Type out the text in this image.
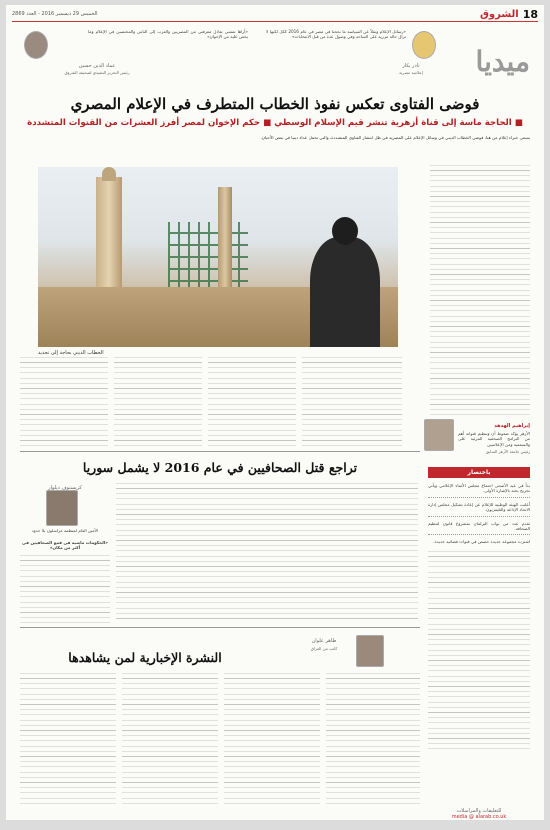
الخميس 29 ديسمبر 2016 - العدد 2869	الشروق 18
«رسائل الإعلام ونقلاً عن السياسة ما نجحنا في مصر في عام 2016 ككل لكنها لا تزال حالة مزرية على الساحة وفي وصول عدة من قبل الانتخابات»
نادر بكار
إعلامية مصرية
«أراها تمشي تعادل معرفتي من المصريين والعرب إلى الناس والمختصين في الإعلام وما يخص عليه من الإخوان»
عماد الدين حسين
رئيس التحرير التنفيذي لصحيفة الشروق	ميديا
فوضى الفتاوى تعكس نفوذ الخطاب المتطرف في الإعلام المصري
■ الحاجة ماسة إلى قناة أزهرية تنشر قيم الإسلام الوسطي ■ حكم الإخوان لمصر أفرز العشرات من القنوات المتشددة
يسعى خبراء إعلام من هنا، فوضى الخطاب الديني في وسائل الإعلام على المصرية في ظل انتشار الفتاوى المتشددة، والتي تحمل عداء دينيا في بعض الأحيان.
الخطاب الديني بحاجة إلى تجديد
إبراهيم الهدهد
الأزهر يؤكد ضعوط أن وتنظيم قنواته أهم من البرامج الصحفية المرئية على والسمعية ومن الإعلاميين
رئيس جامعة الأزهر السابق
باختصار
بدأ في عيد الأضحى اجتماع مجلس الأمناء الإعلامي ويأتي تخريج بحثه بالإشارة الأولى.
أعلنت الهيئة الوطنية للإعلام عن إعادة تشكيل مجلس إدارة الاتحاد الإذاعة والتليفزيون.
تقدم عدد من نواب البرلمان بمشروع قانون لتنظيم الصحافة.
اشترت مجموعة جديدة حصص في قنوات فضائية جديدة.
تراجع قتل الصحافيين في عام 2016 لا يشمل سوريا
كريستوف ديلوار
الأمين العام لمنظمة مراسلون بلا حدود
«الحكومات ماضية في قمع الصحافيين في أكثر من مكان»
النشرة الإخبارية لمن يشاهدها
طاهر علوان
كاتب من العراق
للتعليقات والمراسلات
media @ alarab.co.uk
